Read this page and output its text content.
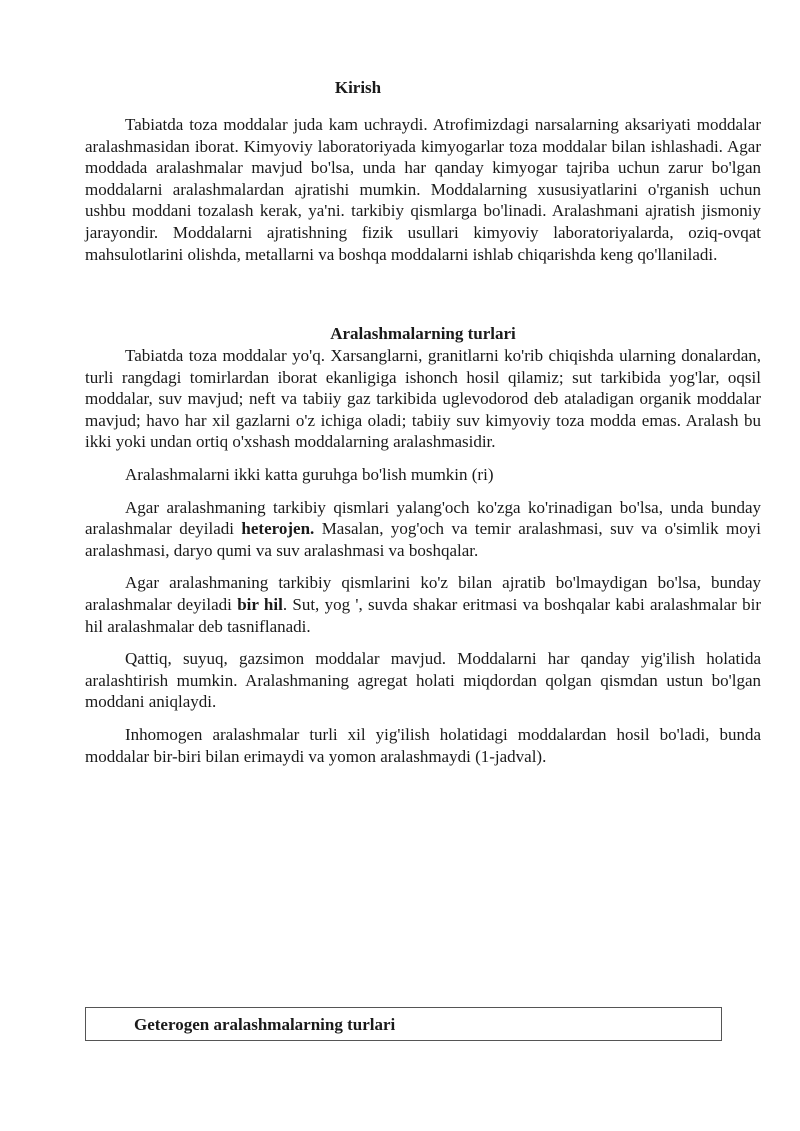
Kirish

Tabiatda toza moddalar juda kam uchraydi. Atrofimizdagi narsalarning aksariyati moddalar aralashmasidan iborat. Kimyoviy laboratoriyada kimyogarlar toza moddalar bilan ishlashadi. Agar moddada aralashmalar mavjud bo'lsa, unda har qanday kimyogar tajriba uchun zarur bo'lgan moddalarni aralashmalardan ajratishi mumkin. Moddalarning xususiyatlarini o'rganish uchun ushbu moddani tozalash kerak, ya'ni. tarkibiy qismlarga bo'linadi. Aralashmani ajratish jismoniy jarayondir. Moddalarni ajratishning fizik usullari kimyoviy laboratoriyalarda, oziq-ovqat mahsulotlarini olishda, metallarni va boshqa moddalarni ishlab chiqarishda keng qo'llaniladi.

Aralashmalarning turlari

Tabiatda toza moddalar yo'q. Xarsanglarni, granitlarni ko'rib chiqishda ularning donalardan, turli rangdagi tomirlardan iborat ekanligiga ishonch hosil qilamiz; sut tarkibida yog'lar, oqsil moddalar, suv mavjud; neft va tabiiy gaz tarkibida uglevodorod deb ataladigan organik moddalar mavjud; havo har xil gazlarni o'z ichiga oladi; tabiiy suv kimyoviy toza modda emas. Aralash bu ikki yoki undan ortiq o'xshash moddalarning aralashmasidir.

Aralashmalarni ikki katta guruhga bo'lish mumkin (ri)

Agar aralashmaning tarkibiy qismlari yalang'och ko'zga ko'rinadigan bo'lsa, unda bunday aralashmalar deyiladi heterojen. Masalan, yog'och va temir aralashmasi, suv va o'simlik moyi aralashmasi, daryo qumi va suv aralashmasi va boshqalar.

Agar aralashmaning tarkibiy qismlarini ko'z bilan ajratib bo'lmaydigan bo'lsa, bunday aralashmalar deyiladi bir hil. Sut, yog ', suvda shakar eritmasi va boshqalar kabi aralashmalar bir hil aralashmalar deb tasniflanadi.

Qattiq, suyuq, gazsimon moddalar mavjud. Moddalarni har qanday yig'ilish holatida aralashtirish mumkin. Aralashmaning agregat holati miqdordan qolgan qismdan ustun bo'lgan moddani aniqlaydi.

Inhomogen aralashmalar turli xil yig'ilish holatidagi moddalardan hosil bo'ladi, bunda moddalar bir-biri bilan erimaydi va yomon aralashmaydi (1-jadval).

Geterogen aralashmalarning turlari
